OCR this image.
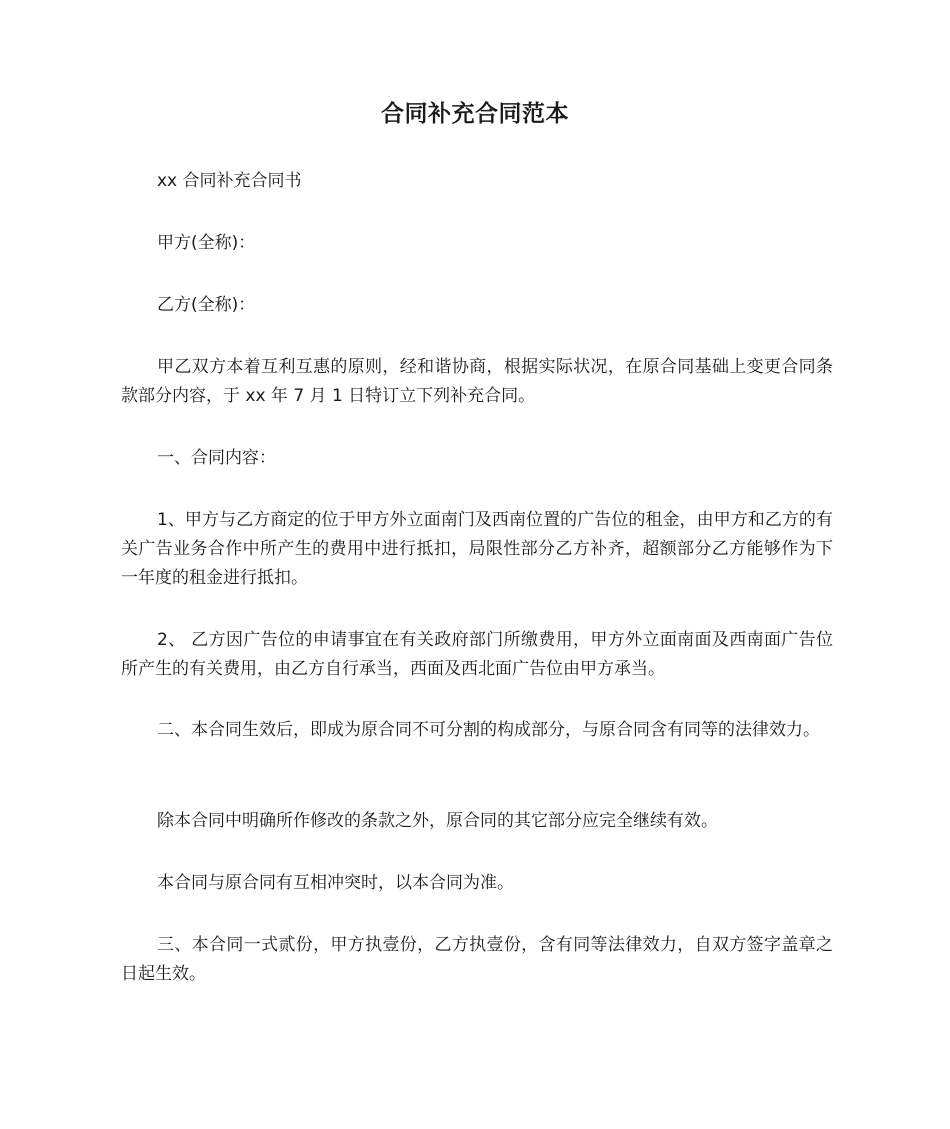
合同补充合同范本

xx 合同补充合同书

甲方(全称)：

乙方(全称)：

甲乙双方本着互利互惠的原则，经和谐协商，根据实际状况，在原合同基础上变更合同条款部分内容，于 xx 年 7 月 1 日特订立下列补充合同。

一、合同内容：

1、甲方与乙方商定的位于甲方外立面南门及西南位置的广告位的租金，由甲方和乙方的有关广告业务合作中所产生的费用中进行抵扣，局限性部分乙方补齐，超额部分乙方能够作为下一年度的租金进行抵扣。

2、 乙方因广告位的申请事宜在有关政府部门所缴费用，甲方外立面南面及西南面广告位所产生的有关费用，由乙方自行承当，西面及西北面广告位由甲方承当。

二、本合同生效后，即成为原合同不可分割的构成部分，与原合同含有同等的法律效力。

除本合同中明确所作修改的条款之外，原合同的其它部分应完全继续有效。

本合同与原合同有互相冲突时，以本合同为准。

三、本合同一式贰份，甲方执壹份，乙方执壹份，含有同等法律效力，自双方签字盖章之日起生效。
